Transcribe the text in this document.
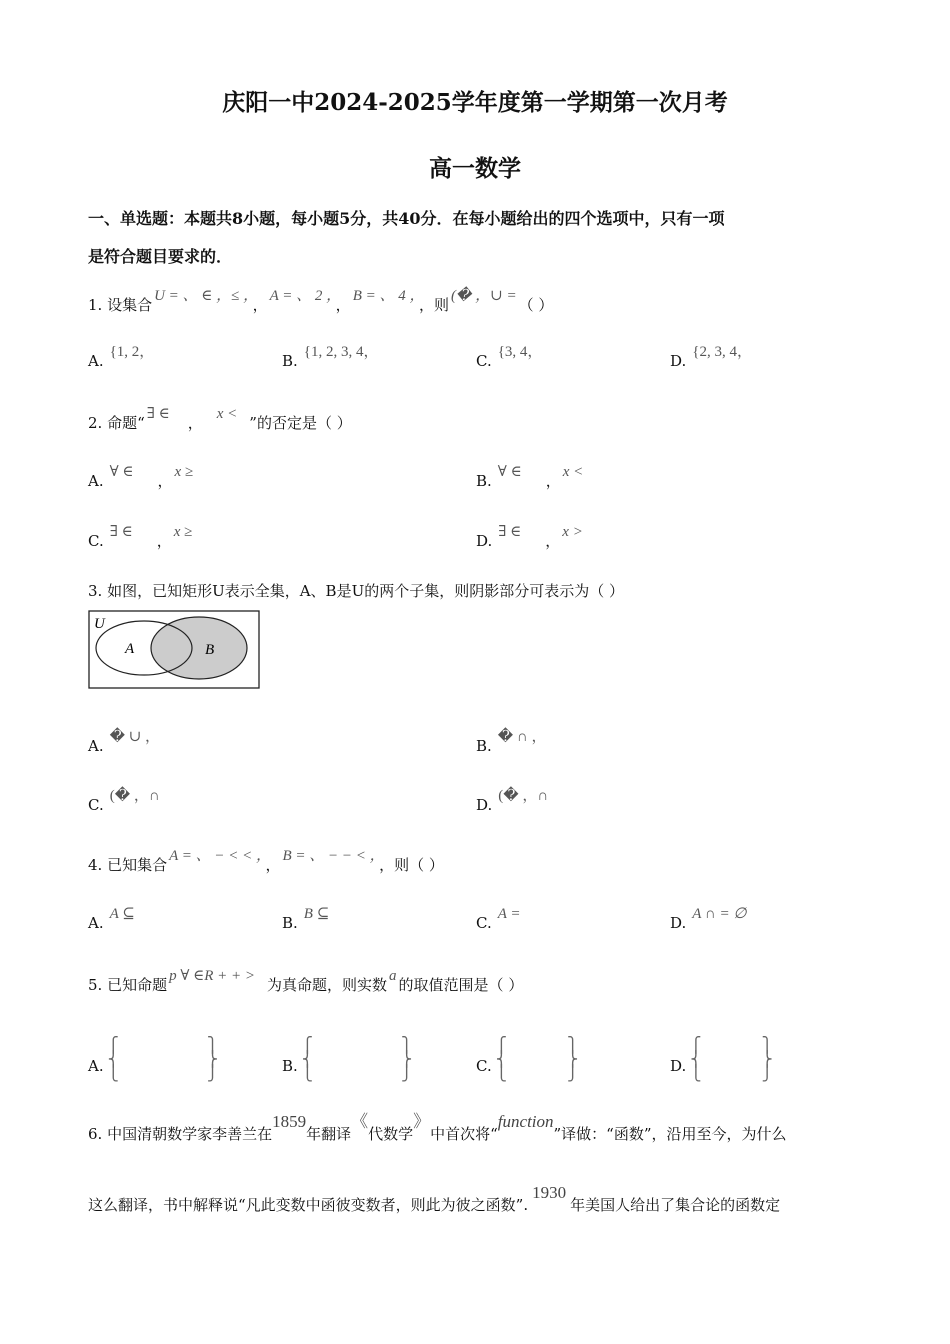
庆阳一中2024-2025学年度第一学期第一次月考
高一数学
一、单选题：本题共8小题，每小题5分，共40分．在每小题给出的四个选项中，只有一项
是符合题目要求的．
1. 设集合 U = 、 ∈ ，≤ ， ， A = 、 2 ， ， B = 、 4 ， ，则 (� ，∪ = （ ）
A. {1, 2，	B. {1, 2, 3, 4，	C. {3, 4，	D. {2, 3, 4，
2. 命题“ ∃ ∈ ， x < ”的否定是（ ）
A. ∀ ∈ ， x ≥	B. ∀ ∈ ， x <
C. ∃ ∈ ， x ≥	D. ∃ ∈ ， x >
3. 如图，已知矩形U表示全集，A、B是U的两个子集，则阴影部分可表示为（ ）
U
A	B
A. � ∪ ，	B. � ∩ ，
C. (� ，∩	D. (� ，∩
4. 已知集合 A = 、 − < < ， ， B = 、 − − < ， ，则（ ）
A. A ⊆	B. B ⊆	C. A =	D. A ∩ = ∅
5. 已知命题 p ∀ ∈R + + > 为真命题，则实数 a 的取值范围是（ ）
A.⎧
⎨
⎩⎫
⎬
⎭	B.⎧
⎨
⎩⎫
⎬
⎭	C.⎧
⎨
⎩⎫
⎬
⎭	D.⎧
⎨
⎩⎫
⎬
⎭
6. 中国清朝数学家李善兰在1859年翻译《代数学》中首次将“function”译做：“函数”，沿用至今，为什么
这么翻译，书中解释说“凡此变数中函彼变数者，则此为彼之函数”.1930年美国人给出了集合论的函数定
